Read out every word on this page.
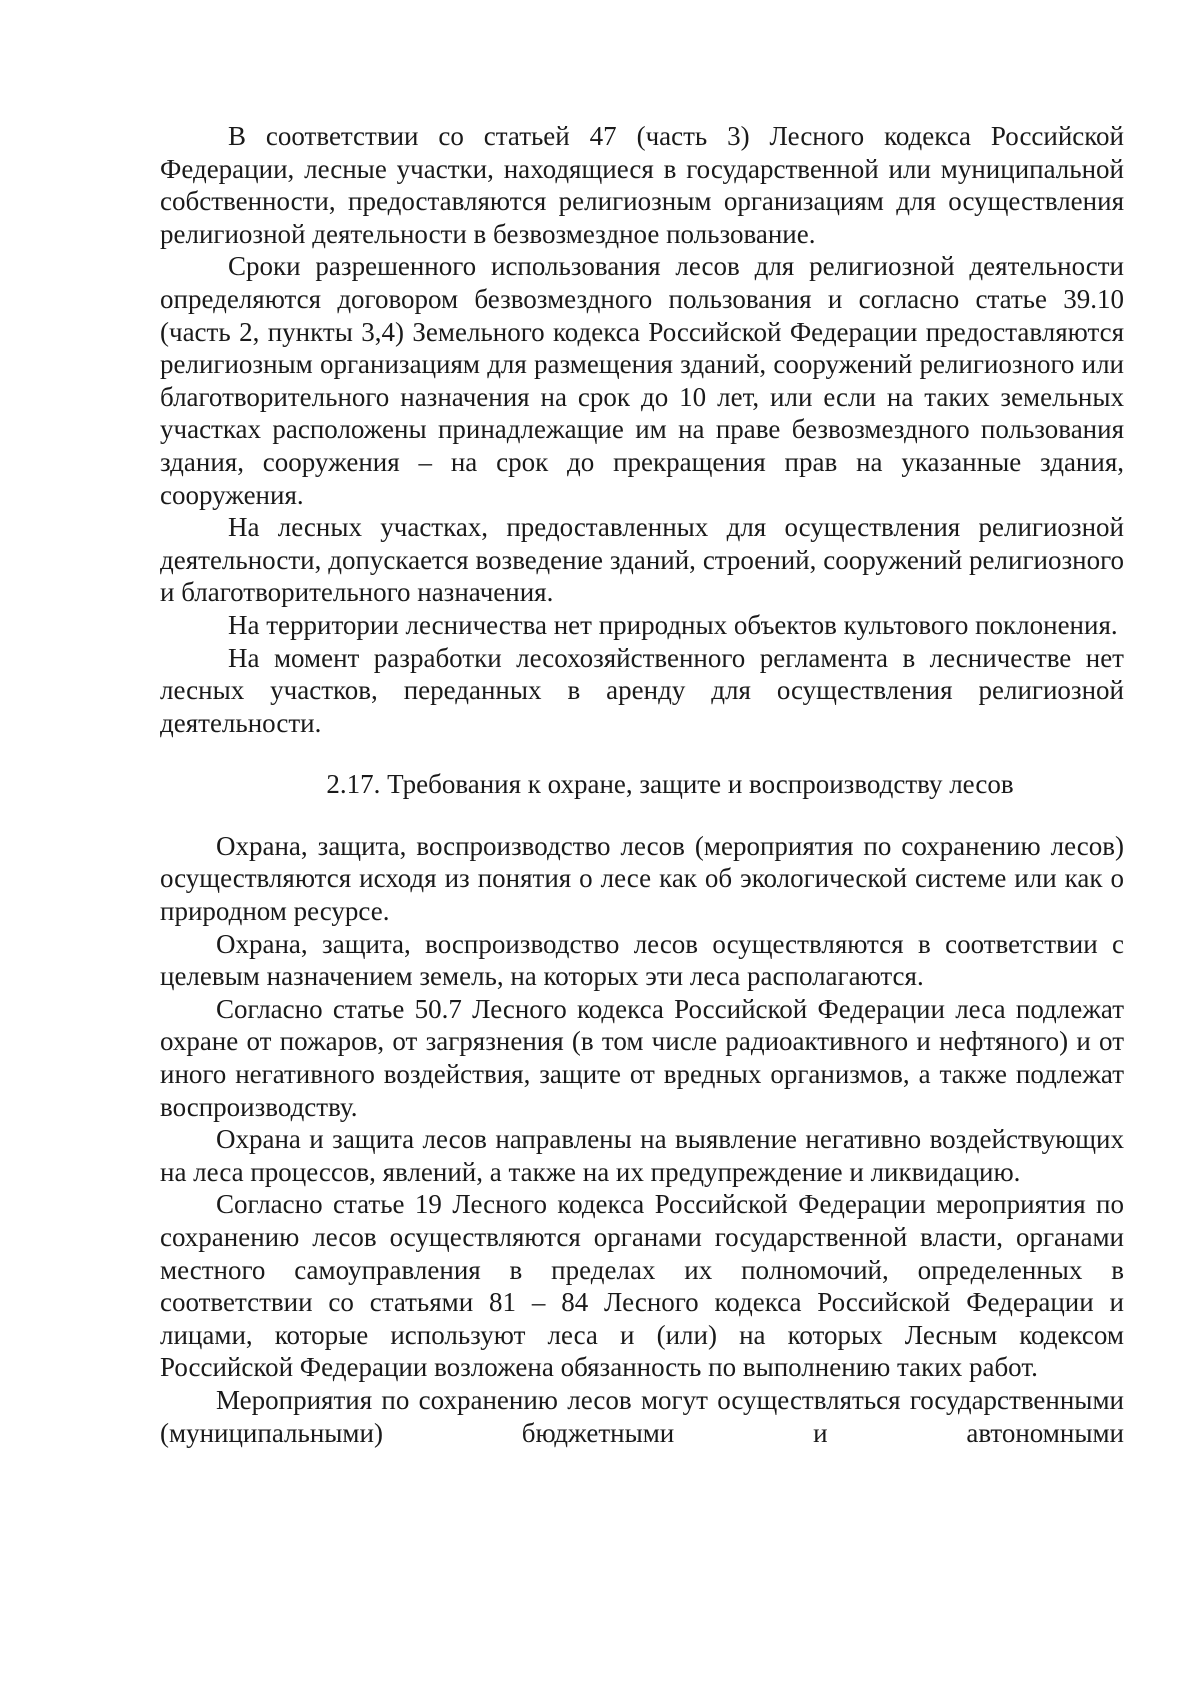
В соответствии со статьей 47 (часть 3) Лесного кодекса Российской Федерации, лесные участки, находящиеся в государственной или муниципальной собственности, предоставляются религиозным организациям для осуществления религиозной деятельности в безвозмездное пользование.

Сроки разрешенного использования лесов для религиозной деятельности определяются договором безвозмездного пользования и согласно статье 39.10 (часть 2, пункты 3,4) Земельного кодекса Российской Федерации предоставляются религиозным организациям для размещения зданий, сооружений религиозного или благотворительного назначения на срок до 10 лет, или если на таких земельных участках расположены принадлежащие им на праве безвозмездного пользования здания, сооружения – на срок до прекращения прав на указанные здания, сооружения.

На лесных участках, предоставленных для осуществления религиозной деятельности, допускается возведение зданий, строений, сооружений религиозного и благотворительного назначения.

На территории лесничества нет природных объектов культового поклонения.

На момент разработки лесохозяйственного регламента в лесничестве нет лесных участков, переданных в аренду для осуществления религиозной деятельности.

2.17. Требования к охране, защите и воспроизводству лесов

Охрана, защита, воспроизводство лесов (мероприятия по сохранению лесов) осуществляются исходя из понятия о лесе как об экологической системе или как о природном ресурсе.

Охрана, защита, воспроизводство лесов осуществляются в соответствии с целевым назначением земель, на которых эти леса располагаются.

Согласно статье 50.7 Лесного кодекса Российской Федерации леса подлежат охране от пожаров, от загрязнения (в том числе радиоактивного и нефтяного) и от иного негативного воздействия, защите от вредных организмов, а также подлежат воспроизводству.

Охрана и защита лесов направлены на выявление негативно воздействующих на леса процессов, явлений, а также на их предупреждение и ликвидацию.

Согласно статье 19 Лесного кодекса Российской Федерации мероприятия по сохранению лесов осуществляются органами государственной власти, органами местного самоуправления в пределах их полномочий, определенных в соответствии со статьями 81 – 84 Лесного кодекса Российской Федерации и лицами, которые используют леса и (или) на которых Лесным кодексом Российской Федерации возложена обязанность по выполнению таких работ.

Мероприятия по сохранению лесов могут осуществляться государственными (муниципальными) бюджетными и автономными
